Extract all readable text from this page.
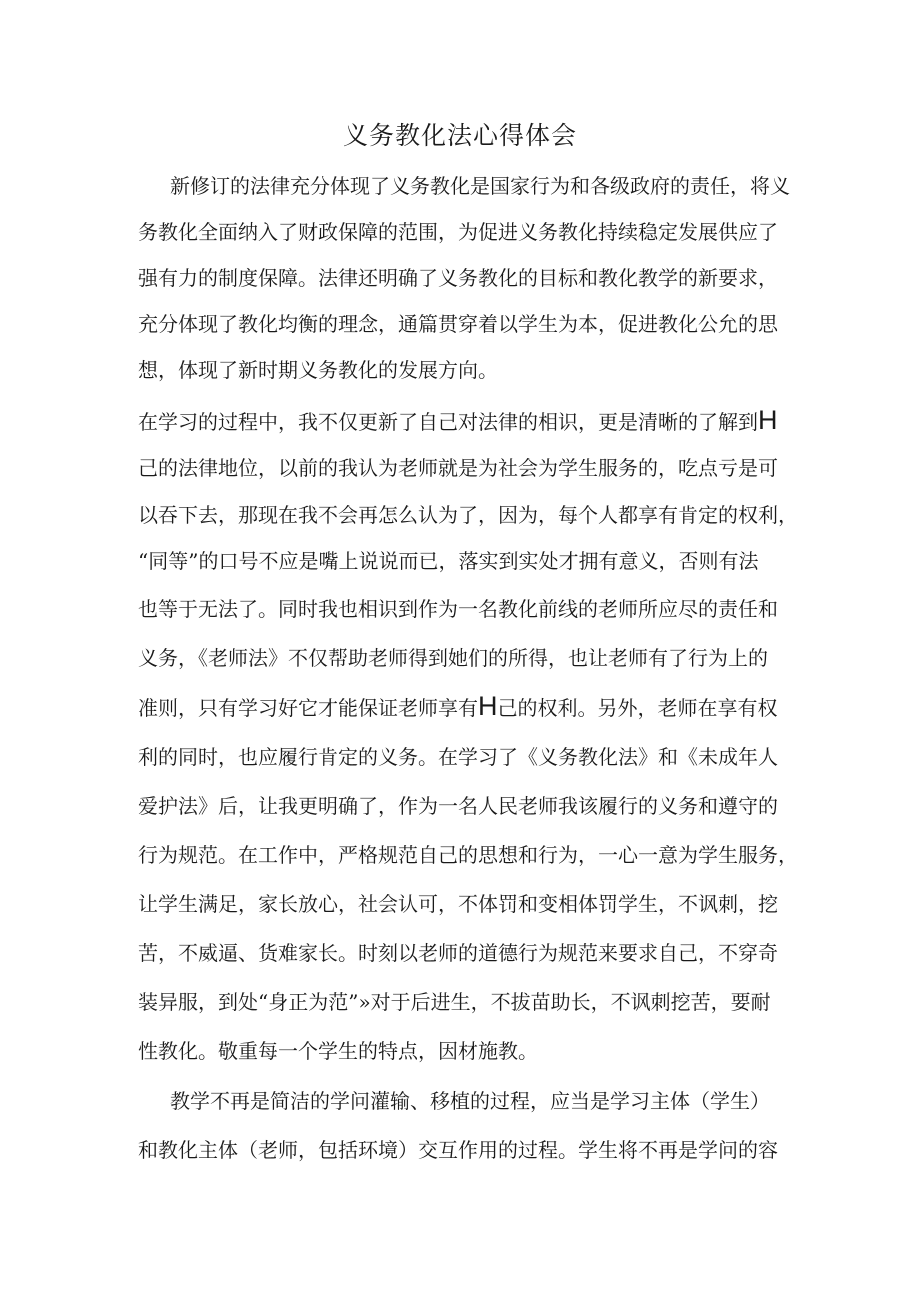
义务教化法心得体会

新修订的法律充分体现了义务教化是国家行为和各级政府的责任，将义

务教化全面纳入了财政保障的范围，为促进义务教化持续稳定发展供应了

强有力的制度保障。法律还明确了义务教化的目标和教化教学的新要求，

充分体现了教化均衡的理念，通篇贯穿着以学生为本，促进教化公允的思

想，体现了新时期义务教化的发展方向。

在学习的过程中，我不仅更新了自己对法律的相识，更是清晰的了解到H

己的法律地位，以前的我认为老师就是为社会为学生服务的，吃点亏是可

以吞下去，那现在我不会再怎么认为了，因为，每个人都享有肯定的权利，

“同等”的口号不应是嘴上说说而已，落实到实处才拥有意义，否则有法

也等于无法了。同时我也相识到作为一名教化前线的老师所应尽的责任和

义务，《老师法》不仅帮助老师得到她们的所得，也让老师有了行为上的

准则，只有学习好它才能保证老师享有H己的权利。另外，老师在享有权

利的同时，也应履行肯定的义务。在学习了《义务教化法》和《未成年人

爱护法》后，让我更明确了，作为一名人民老师我该履行的义务和遵守的

行为规范。在工作中，严格规范自己的思想和行为，一心一意为学生服务，

让学生满足，家长放心，社会认可，不体罚和变相体罚学生，不讽刺，挖

苦，不威逼、货难家长。时刻以老师的道德行为规范来要求自己，不穿奇

装异服，到处“身正为范”»对于后进生，不拔苗助长，不讽刺挖苦，要耐

性教化。敬重每一个学生的特点，因材施教。

教学不再是简洁的学问灌输、移植的过程，应当是学习主体（学生）

和教化主体（老师，包括环境）交互作用的过程。学生将不再是学问的容
